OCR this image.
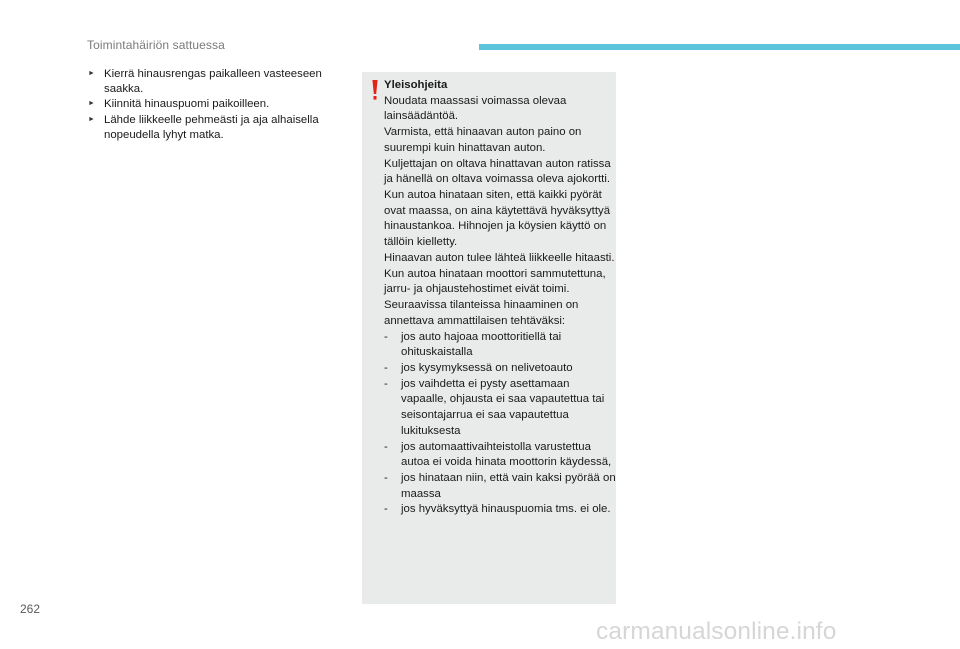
Toimintahäiriön sattuessa
► Kierrä hinausrengas paikalleen vasteeseen saakka.
► Kiinnitä hinauspuomi paikoilleen.
► Lähde liikkeelle pehmeästi ja aja alhaisella nopeudella lyhyt matka.
Yleisohjeita
Noudata maassasi voimassa olevaa lainsäädäntöä.
Varmista, että hinaavan auton paino on suurempi kuin hinattavan auton.
Kuljettajan on oltava hinattavan auton ratissa ja hänellä on oltava voimassa oleva ajokortti.
Kun autoa hinataan siten, että kaikki pyörät ovat maassa, on aina käytettävä hyväksyttyä hinaustankoa. Hihnojen ja köysien käyttö on tällöin kielletty.
Hinaavan auton tulee lähteä liikkeelle hitaasti.
Kun autoa hinataan moottori sammutettuna, jarru- ja ohjaustehostimet eivät toimi.
Seuraavissa tilanteissa hinaaminen on annettava ammattilaisen tehtäväksi:
- jos auto hajoaa moottoritiellä tai ohituskaistalla
- jos kysymyksessä on nelivetoauto
- jos vaihdetta ei pysty asettamaan vapaalle, ohjausta ei saa vapautettua tai seisontajarrua ei saa vapautettua lukituksesta
- jos automaattivaihteistolla varustettua autoa ei voida hinata moottorin käydessä,
- jos hinataan niin, että vain kaksi pyörää on maassa
- jos hyväksyttyä hinauspuomia tms. ei ole.
262
carmanualsonline.info
